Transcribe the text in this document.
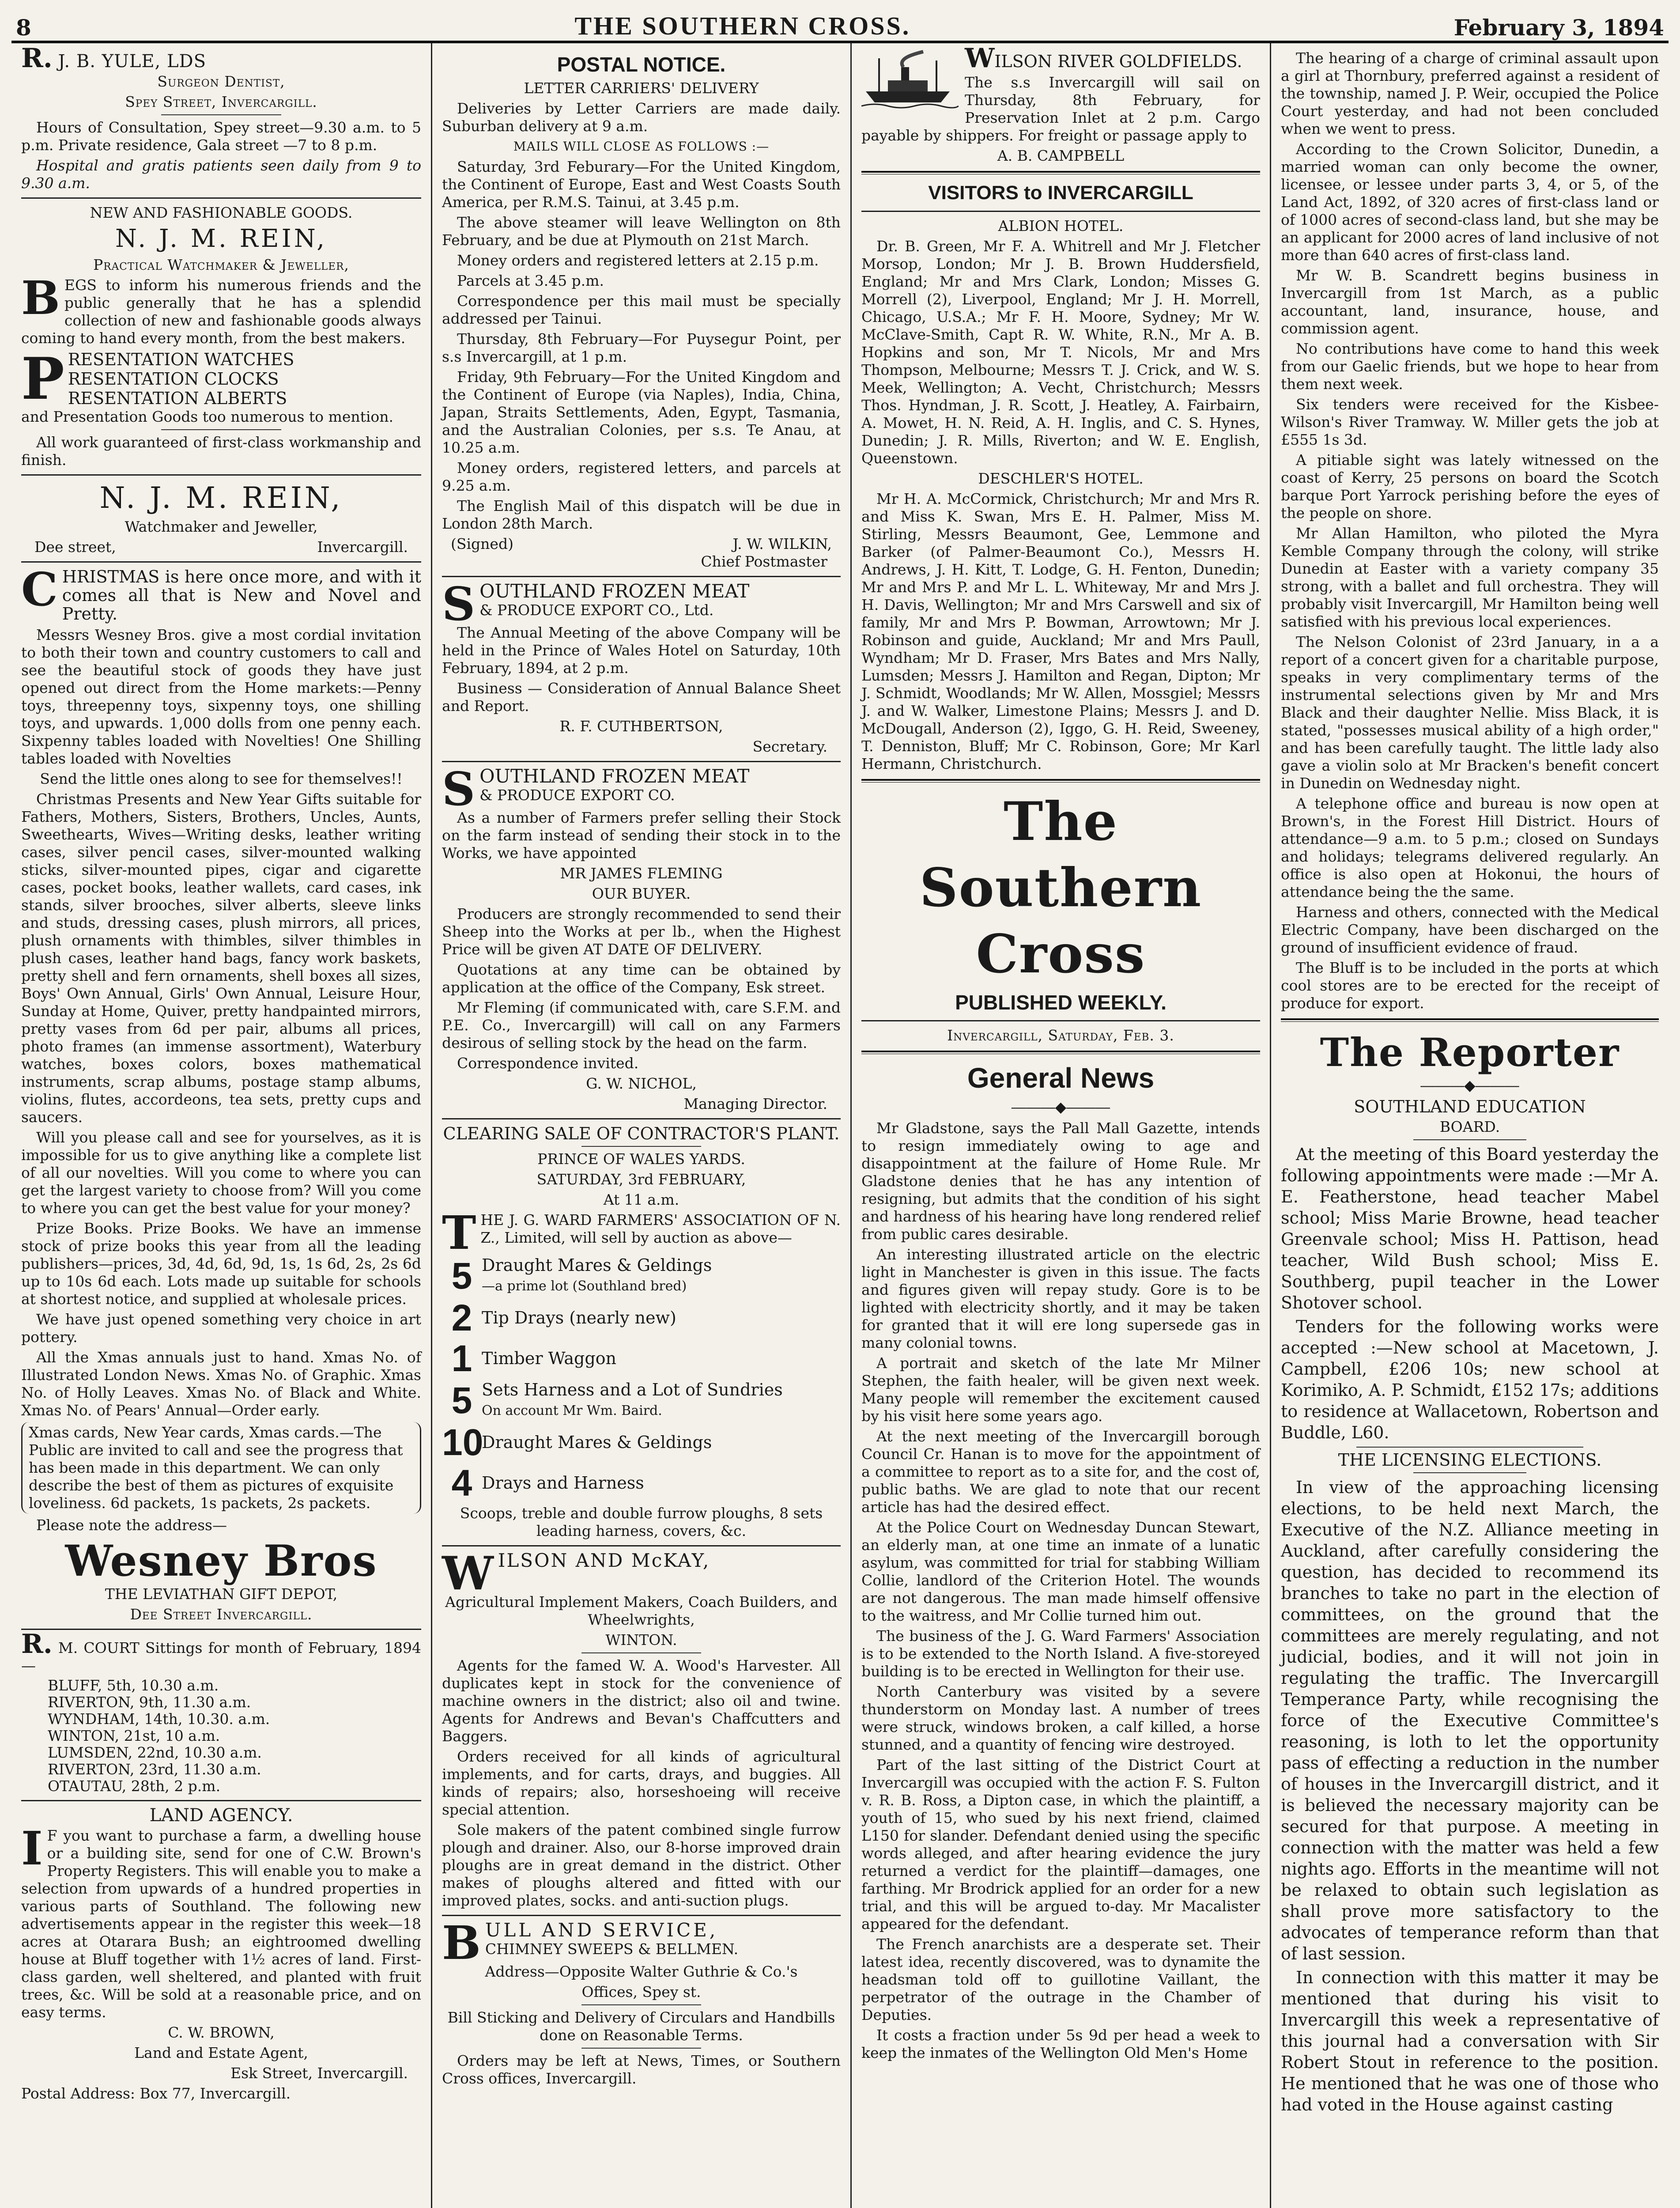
8	THE SOUTHERN CROSS.	February 3, 1894

R. J. B. YULE, LDS

Surgeon Dentist,

Spey Street, Invercargill.

Hours of Consultation, Spey street—9.30 a.m. to 5 p.m. Private residence, Gala street —7 to 8 p.m.

Hospital and gratis patients seen daily from 9 to 9.30 a.m.

NEW AND FASHIONABLE GOODS.

N. J. M. REIN,

Practical Watchmaker & Jeweller,

BEGS to inform his numerous friends and the public generally that he has a splendid collection of new and fashionable goods always coming to hand every month, from the best makers.

P RESENTATION WATCHES
RESENTATION CLOCKS
RESENTATION ALBERTS

and Presentation Goods too numerous to mention.

All work guaranteed of first-class workmanship and finish.

N. J. M. REIN,

Watchmaker and Jeweller,

Dee street,	Invercargill.

CHRISTMAS is here once more, and with it comes all that is New and Novel and Pretty.

Messrs Wesney Bros. give a most cordial invitation to both their town and country customers to call and see the beautiful stock of goods they have just opened out direct from the Home markets:—Penny toys, threepenny toys, sixpenny toys, one shilling toys, and upwards. 1,000 dolls from one penny each. Sixpenny tables loaded with Novelties! One Shilling tables loaded with Novelties

Send the little ones along to see for themselves!!

Christmas Presents and New Year Gifts suitable for Fathers, Mothers, Sisters, Brothers, Uncles, Aunts, Sweethearts, Wives—Writing desks, leather writing cases, silver pencil cases, silver-mounted walking sticks, silver-mounted pipes, cigar and cigarette cases, pocket books, leather wallets, card cases, ink stands, silver brooches, silver alberts, sleeve links and studs, dressing cases, plush mirrors, all prices, plush ornaments with thimbles, silver thimbles in plush cases, leather hand bags, fancy work baskets, pretty shell and fern ornaments, shell boxes all sizes, Boys' Own Annual, Girls' Own Annual, Leisure Hour, Sunday at Home, Quiver, pretty handpainted mirrors, pretty vases from 6d per pair, albums all prices, photo frames (an immense assortment), Waterbury watches, boxes colors, boxes mathematical instruments, scrap albums, postage stamp albums, violins, flutes, accordeons, tea sets, pretty cups and saucers.

Will you please call and see for yourselves, as it is impossible for us to give anything like a complete list of all our novelties. Will you come to where you can get the largest variety to choose from? Will you come to where you can get the best value for your money?

Prize Books. Prize Books. We have an immense stock of prize books this year from all the leading publishers—prices, 3d, 4d, 6d, 9d, 1s, 1s 6d, 2s, 2s 6d up to 10s 6d each. Lots made up suitable for schools at shortest notice, and supplied at wholesale prices.

We have just opened something very choice in art pottery.

All the Xmas annuals just to hand. Xmas No. of Illustrated London News. Xmas No. of Graphic. Xmas No. of Holly Leaves. Xmas No. of Black and White. Xmas No. of Pears' Annual—Order early.

Xmas cards, New Year cards, Xmas cards.—The Public are invited to call and see the progress that has been made in this department. We can only describe the best of them as pictures of exquisite loveliness. 6d packets, 1s packets, 2s packets.

Please note the address—

Wesney Bros

THE LEVIATHAN GIFT DEPOT,

Dee Street Invercargill.

R. M. COURT Sittings for month of February, 1894—

BLUFF, 5th, 10.30 a.m.
RIVERTON, 9th, 11.30 a.m.
WYNDHAM, 14th, 10.30. a.m.
WINTON, 21st, 10 a.m.
LUMSDEN, 22nd, 10.30 a.m.
RIVERTON, 23rd, 11.30 a.m.
OTAUTAU, 28th, 2 p.m.

LAND AGENCY.

I F you want to purchase a farm, a dwelling house or a building site, send for one of C.W. Brown's Property Registers. This will enable you to make a selection from upwards of a hundred properties in various parts of Southland. The following new advertisements appear in the register this week—18 acres at Otarara Bush; an eightroomed dwelling house at Bluff together with 1½ acres of land. First-class garden, well sheltered, and planted with fruit trees, &c. Will be sold at a reasonable price, and on easy terms.

C. W. BROWN,

Land and Estate Agent,

Esk Street, Invercargill.

Postal Address: Box 77, Invercargill.

POSTAL NOTICE.

LETTER CARRIERS' DELIVERY

Deliveries by Letter Carriers are made daily. Suburban delivery at 9 a.m.

MAILS WILL CLOSE AS FOLLOWS :—

Saturday, 3rd Feburary—For the United Kingdom, the Continent of Europe, East and West Coasts South America, per R.M.S. Tainui, at 3.45 p.m.

The above steamer will leave Wellington on 8th February, and be due at Plymouth on 21st March.

Money orders and registered letters at 2.15 p.m.

Parcels at 3.45 p.m.

Correspondence per this mail must be specially addressed per Tainui.

Thursday, 8th February—For Puysegur Point, per s.s Invercargill, at 1 p.m.

Friday, 9th February—For the United Kingdom and the Continent of Europe (via Naples), India, China, Japan, Straits Settlements, Aden, Egypt, Tasmania, and the Australian Colonies, per s.s. Te Anau, at 10.25 a.m.

Money orders, registered letters, and parcels at 9.25 a.m.

The English Mail of this dispatch will be due in London 28th March.

(Signed)	J. W. WILKIN,

Chief Postmaster

SOUTHLAND FROZEN MEAT
& PRODUCE EXPORT CO., Ltd.

The Annual Meeting of the above Company will be held in the Prince of Wales Hotel on Saturday, 10th February, 1894, at 2 p.m.

Business — Consideration of Annual Balance Sheet and Report.

R. F. CUTHBERTSON,

Secretary.

SOUTHLAND FROZEN MEAT
& PRODUCE EXPORT CO.

As a number of Farmers prefer selling their Stock on the farm instead of sending their stock in to the Works, we have appointed

MR JAMES FLEMING

OUR BUYER.

Producers are strongly recommended to send their Sheep into the Works at per lb., when the Highest Price will be given AT DATE OF DELIVERY.

Quotations at any time can be obtained by application at the office of the Company, Esk street.

Mr Fleming (if communicated with, care S.F.M. and P.E. Co., Invercargill) will call on any Farmers desirous of selling stock by the head on the farm.

Correspondence invited.

G. W. NICHOL,

Managing Director.

CLEARING SALE OF CONTRACTOR'S PLANT.

PRINCE OF WALES YARDS.

SATURDAY, 3rd FEBRUARY,

At 11 a.m.

THE J. G. WARD FARMERS' ASSOCIATION OF N. Z., Limited, will sell by auction as above—

5 Draught Mares & Geldings
—a prime lot (Southland bred)
2 Tip Drays (nearly new)
1 Timber Waggon
5 Sets Harness and a Lot of Sundries
On account Mr Wm. Baird.
10
Draught Mares & Geldings
4 Drays and Harness

Scoops, treble and double furrow ploughs, 8 sets leading harness, covers, &c.

WILSON AND McKAY,

Agricultural Implement Makers, Coach Builders, and Wheelwrights,

WINTON.

Agents for the famed W. A. Wood's Harvester. All duplicates kept in stock for the convenience of machine owners in the district; also oil and twine. Agents for Andrews and Bevan's Chaffcutters and Baggers.

Orders received for all kinds of agricultural implements, and for carts, drays, and buggies. All kinds of repairs; also, horseshoeing will receive special attention.

Sole makers of the patent combined single furrow plough and drainer. Also, our 8-horse improved drain ploughs are in great demand in the district. Other makes of ploughs altered and fitted with our improved plates, socks. and anti-suction plugs.

BULL AND SERVICE,
CHIMNEY SWEEPS & BELLMEN.

Address—Opposite Walter Guthrie & Co.'s

Offices, Spey st.

Bill Sticking and Delivery of Circulars and Handbills done on Reasonable Terms.

Orders may be left at News, Times, or Southern Cross offices, Invercargill.

WILSON RIVER GOLDFIELDS.

The s.s Invercargill will sail on Thursday, 8th February, for Preservation Inlet at 2 p.m. Cargo payable by shippers. For freight or passage apply to

A. B. CAMPBELL

VISITORS to INVERCARGILL

ALBION HOTEL.

Dr. B. Green, Mr F. A. Whitrell and Mr J. Fletcher Morsop, London; Mr J. B. Brown Huddersfield, England; Mr and Mrs Clark, London; Misses G. Morrell (2), Liverpool, England; Mr J. H. Morrell, Chicago, U.S.A.; Mr F. H. Moore, Sydney; Mr W. McClave-Smith, Capt R. W. White, R.N., Mr A. B. Hopkins and son, Mr T. Nicols, Mr and Mrs Thompson, Melbourne; Messrs T. J. Crick, and W. S. Meek, Wellington; A. Vecht, Christchurch; Messrs Thos. Hyndman, J. R. Scott, J. Heatley, A. Fairbairn, A. Mowet, H. N. Reid, A. H. Inglis, and C. S. Hynes, Dunedin; J. R. Mills, Riverton; and W. E. English, Queenstown.

DESCHLER'S HOTEL.

Mr H. A. McCormick, Christchurch; Mr and Mrs R. and Miss K. Swan, Mrs E. H. Palmer, Miss M. Stirling, Messrs Beaumont, Gee, Lemmone and Barker (of Palmer-Beaumont Co.), Messrs H. Andrews, J. H. Kitt, T. Lodge, G. H. Fenton, Dunedin; Mr and Mrs P. and Mr L. L. Whiteway, Mr and Mrs J. H. Davis, Wellington; Mr and Mrs Carswell and six of family, Mr and Mrs P. Bowman, Arrowtown; Mr J. Robinson and guide, Auckland; Mr and Mrs Paull, Wyndham; Mr D. Fraser, Mrs Bates and Mrs Nally, Lumsden; Messrs J. Hamilton and Regan, Dipton; Mr J. Schmidt, Woodlands; Mr W. Allen, Mossgiel; Messrs J. and W. Walker, Limestone Plains; Messrs J. and D. McDougall, Anderson (2), Iggo, G. H. Reid, Sweeney, T. Denniston, Bluff; Mr C. Robinson, Gore; Mr Karl Hermann, Christchurch.

The Southern Cross
PUBLISHED WEEKLY.

Invercargill, Saturday, Feb. 3.

General News
―――◆―――

Mr Gladstone, says the Pall Mall Gazette, intends to resign immediately owing to age and disappointment at the failure of Home Rule. Mr Gladstone denies that he has any intention of resigning, but admits that the condition of his sight and hardness of his hearing have long rendered relief from public cares desirable.

An interesting illustrated article on the electric light in Manchester is given in this issue. The facts and figures given will repay study. Gore is to be lighted with electricity shortly, and it may be taken for granted that it will ere long supersede gas in many colonial towns.

A portrait and sketch of the late Mr Milner Stephen, the faith healer, will be given next week. Many people will remember the excitement caused by his visit here some years ago.

At the next meeting of the Invercargill borough Council Cr. Hanan is to move for the appointment of a committee to report as to a site for, and the cost of, public baths. We are glad to note that our recent article has had the desired effect.

At the Police Court on Wednesday Duncan Stewart, an elderly man, at one time an inmate of a lunatic asylum, was committed for trial for stabbing William Collie, landlord of the Criterion Hotel. The wounds are not dangerous. The man made himself offensive to the waitress, and Mr Collie turned him out.

The business of the J. G. Ward Farmers' Association is to be extended to the North Island. A five-storeyed building is to be erected in Wellington for their use.

North Canterbury was visited by a severe thunderstorm on Monday last. A number of trees were struck, windows broken, a calf killed, a horse stunned, and a quantity of fencing wire destroyed.

Part of the last sitting of the District Court at Invercargill was occupied with the action F. S. Fulton v. R. B. Ross, a Dipton case, in which the plaintiff, a youth of 15, who sued by his next friend, claimed L150 for slander. Defendant denied using the specific words alleged, and after hearing evidence the jury returned a verdict for the plaintiff—damages, one farthing. Mr Brodrick applied for an order for a new trial, and this will be argued to-day. Mr Macalister appeared for the defendant.

The French anarchists are a desperate set. Their latest idea, recently discovered, was to dynamite the headsman told off to guillotine Vaillant, the perpetrator of the outrage in the Chamber of Deputies.

It costs a fraction under 5s 9d per head a week to keep the inmates of the Wellington Old Men's Home

The hearing of a charge of criminal assault upon a girl at Thornbury, preferred against a resident of the township, named J. P. Weir, occupied the Police Court yesterday, and had not been concluded when we went to press.

According to the Crown Solicitor, Dunedin, a married woman can only become the owner, licensee, or lessee under parts 3, 4, or 5, of the Land Act, 1892, of 320 acres of first-class land or of 1000 acres of second-class land, but she may be an applicant for 2000 acres of land inclusive of not more than 640 acres of first-class land.

Mr W. B. Scandrett begins business in Invercargill from 1st March, as a public accountant, land, insurance, house, and commission agent.

No contributions have come to hand this week from our Gaelic friends, but we hope to hear from them next week.

Six tenders were received for the Kisbee-Wilson's River Tramway. W. Miller gets the job at £555 1s 3d.

A pitiable sight was lately witnessed on the coast of Kerry, 25 persons on board the Scotch barque Port Yarrock perishing before the eyes of the people on shore.

Mr Allan Hamilton, who piloted the Myra Kemble Company through the colony, will strike Dunedin at Easter with a variety company 35 strong, with a ballet and full orchestra. They will probably visit Invercargill, Mr Hamilton being well satisfied with his previous local experiences.

The Nelson Colonist of 23rd January, in a a report of a concert given for a charitable purpose, speaks in very complimentary terms of the instrumental selections given by Mr and Mrs Black and their daughter Nellie. Miss Black, it is stated, "possesses musical ability of a high order," and has been carefully taught. The little lady also gave a violin solo at Mr Bracken's benefit concert in Dunedin on Wednesday night.

A telephone office and bureau is now open at Brown's, in the Forest Hill District. Hours of attendance—9 a.m. to 5 p.m.; closed on Sundays and holidays; telegrams delivered regularly. An office is also open at Hokonui, the hours of attendance being the the same.

Harness and others, connected with the Medical Electric Company, have been discharged on the ground of insufficient evidence of fraud.

The Bluff is to be included in the ports at which cool stores are to be erected for the receipt of produce for export.

The Reporter
―――◆―――

SOUTHLAND EDUCATION

BOARD.

At the meeting of this Board yesterday the following appointments were made :—Mr A. E. Featherstone, head teacher Mabel school; Miss Marie Browne, head teacher Greenvale school; Miss H. Pattison, head teacher, Wild Bush school; Miss E. Southberg, pupil teacher in the Lower Shotover school.

Tenders for the following works were accepted :—New school at Macetown, J. Campbell, £206 10s; new school at Korimiko, A. P. Schmidt, £152 17s; additions to residence at Wallacetown, Robertson and Buddle, L60.

THE LICENSING ELECTIONS.

In view of the approaching licensing elections, to be held next March, the Executive of the N.Z. Alliance meeting in Auckland, after carefully considering the question, has decided to recommend its branches to take no part in the election of committees, on the ground that the committees are merely regulating, and not judicial, bodies, and it will not join in regulating the traffic. The Invercargill Temperance Party, while recognising the force of the Executive Committee's reasoning, is loth to let the opportunity pass of effecting a reduction in the number of houses in the Invercargill district, and it is believed the necessary majority can be secured for that purpose. A meeting in connection with the matter was held a few nights ago. Efforts in the meantime will not be relaxed to obtain such legislation as shall prove more satisfactory to the advocates of temperance reform than that of last session.

In connection with this matter it may be mentioned that during his visit to Invercargill this week a representative of this journal had a conversation with Sir Robert Stout in reference to the position. He mentioned that he was one of those who had voted in the House against casting
